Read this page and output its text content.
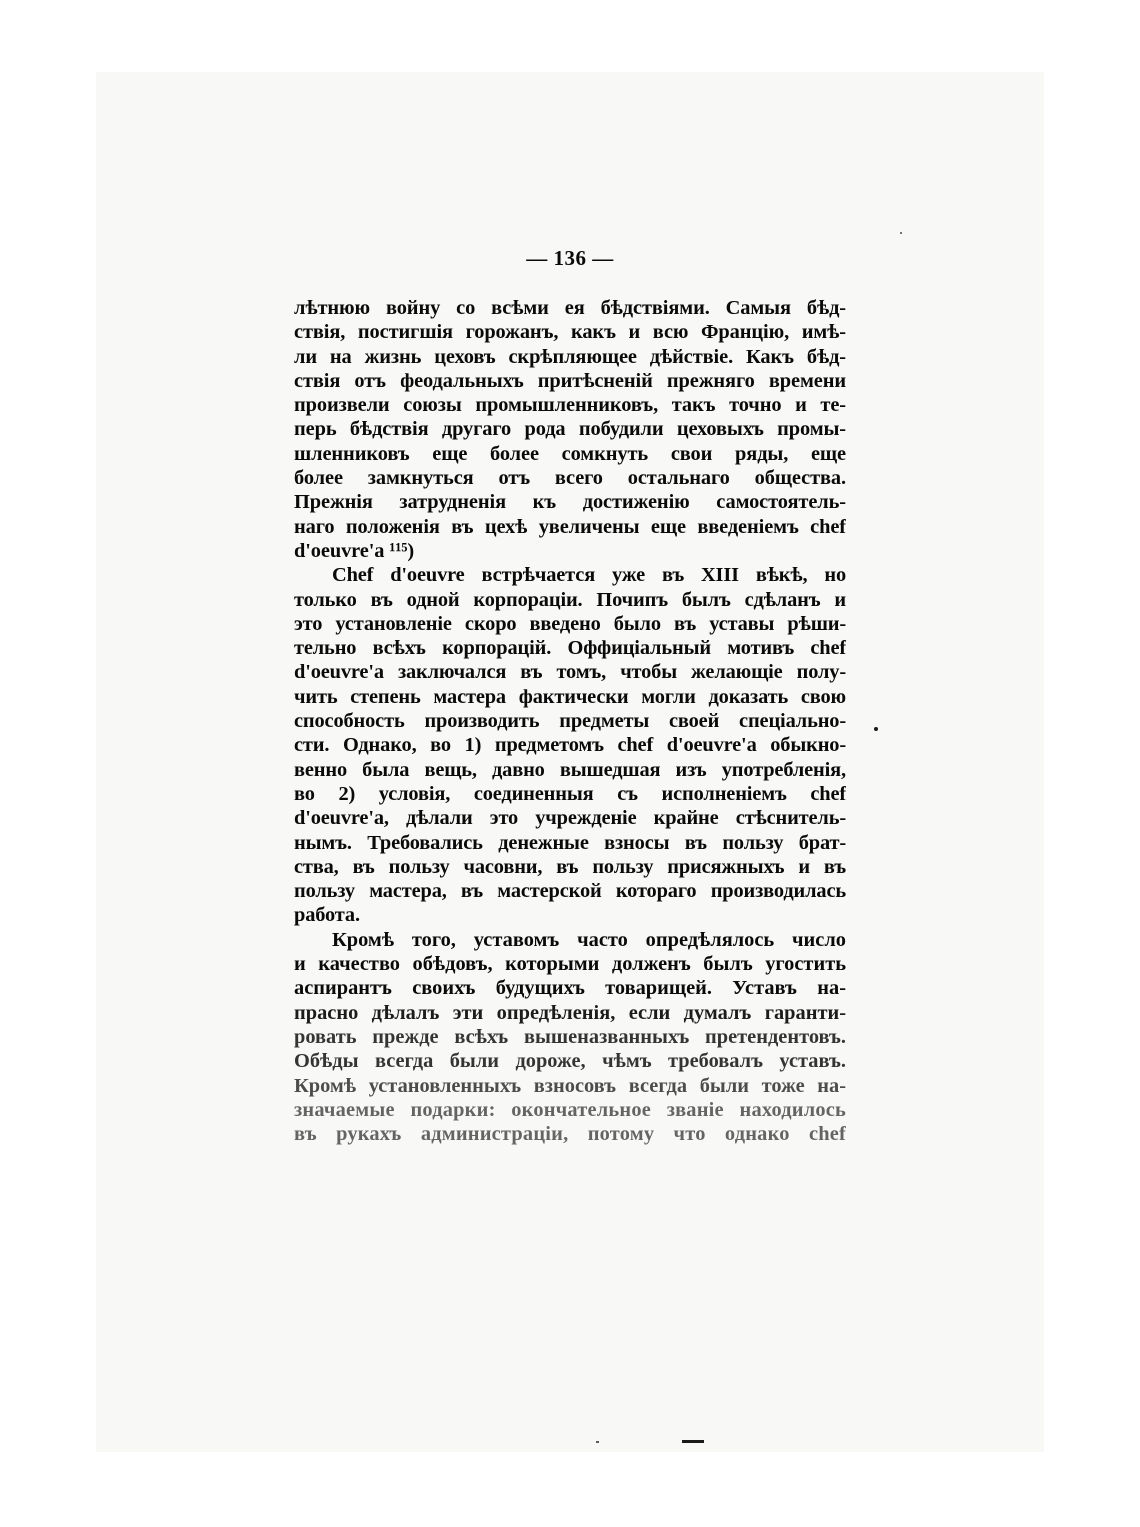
— 136 —
лѣтнюю войну со всѣми ея бѣдствіями. Самыя бѣд-
ствія, постигшія горожанъ, какъ и всю Францію, имѣ-
ли на жизнь цеховъ скрѣпляющее дѣйствіе. Какъ бѣд-
ствія отъ феодальныхъ притѣсненій прежняго времени
произвели союзы промышленниковъ, такъ точно и те-
перь бѣдствія другаго рода побудили цеховыхъ промы-
шленниковъ еще более сомкнуть свои ряды, еще
более замкнуться отъ всего остальнаго общества.
Прежнія затрудненія къ достиженію самостоятель-
наго положенія въ цехѣ увеличены еще введеніемъ chef
d'oeuvre'а ¹¹⁵)
Chef d'oeuvre встрѣчается уже въ XIII вѣкѣ, но
только въ одной корпораціи. Почипъ былъ сдѣланъ и
это установленіе скоро введено было въ уставы рѣши-
тельно всѣхъ корпорацій. Оффиціальный мотивъ chef
d'oeuvre'а заключался въ томъ, чтобы желающіе полу-
чить степень мастера фактически могли доказать свою
способность производить предметы своей спеціально-
сти. Однако, во 1) предметомъ chef d'oeuvre'а обыкно-
венно была вещь, давно вышедшая изъ употребленія,
во 2) условія, соединенныя съ исполненіемъ chef
d'oeuvre'а, дѣлали это учрежденіе крайне стѣснитель-
нымъ. Требовались денежные взносы въ пользу брат-
ства, въ пользу часовни, въ пользу присяжныхъ и въ
пользу мастера, въ мастерской котораго производилась
работа.
Кромѣ того, уставомъ часто опредѣлялось число
и качество обѣдовъ, которыми долженъ былъ угостить
аспирантъ своихъ будущихъ товарищей. Уставъ на-
прасно дѣлалъ эти опредѣленія, если думалъ гаранти-
ровать прежде всѣхъ вышеназванныхъ претендентовъ.
Обѣды всегда были дороже, чѣмъ требовалъ уставъ.
Кромѣ установленныхъ взносовъ всегда были тоже на-
значаемые подарки: окончательное званіе находилось
въ рукахъ администраціи, потому что однако chef
